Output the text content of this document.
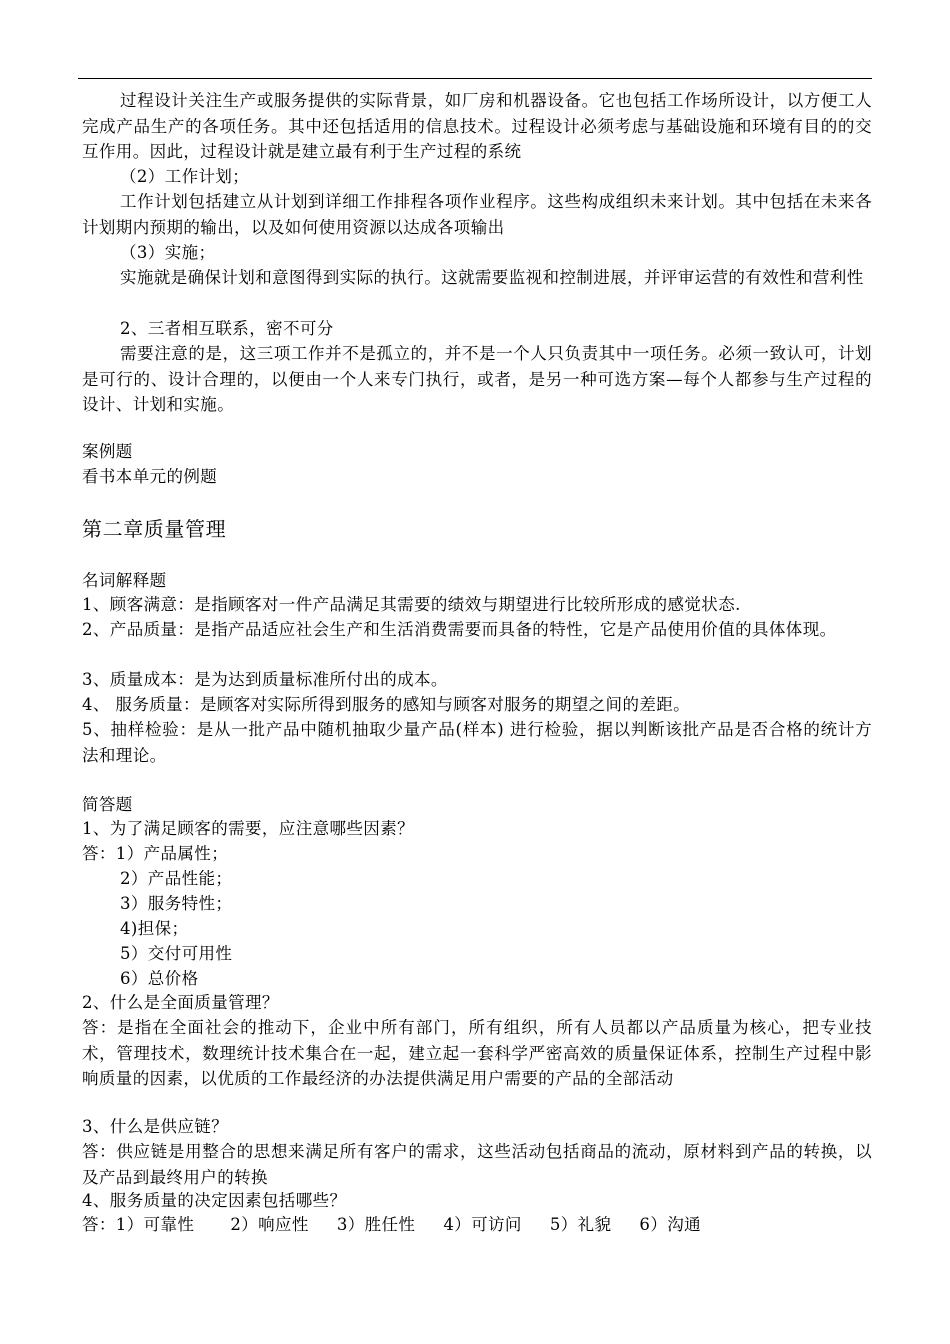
过程设计关注生产或服务提供的实际背景，如厂房和机器设备。它也包括工作场所设计，以方便工人完成产品生产的各项任务。其中还包括适用的信息技术。过程设计必须考虑与基础设施和环境有目的的交互作用。因此，过程设计就是建立最有利于生产过程的系统
（2）工作计划；
工作计划包括建立从计划到详细工作排程各项作业程序。这些构成组织未来计划。其中包括在未来各计划期内预期的输出，以及如何使用资源以达成各项输出
（3）实施；
实施就是确保计划和意图得到实际的执行。这就需要监视和控制进展，并评审运营的有效性和营利性
2、三者相互联系，密不可分
需要注意的是，这三项工作并不是孤立的，并不是一个人只负责其中一项任务。必须一致认可，计划是可行的、设计合理的，以便由一个人来专门执行，或者，是另一种可选方案—每个人都参与生产过程的设计、计划和实施。
案例题
看书本单元的例题
第二章质量管理
名词解释题
1、顾客满意：是指顾客对一件产品满足其需要的绩效与期望进行比较所形成的感觉状态.
2、产品质量：是指产品适应社会生产和生活消费需要而具备的特性，它是产品使用价值的具体体现。
3、质量成本：是为达到质量标准所付出的成本。
4、 服务质量：是顾客对实际所得到服务的感知与顾客对服务的期望之间的差距。
5、抽样检验：是从一批产品中随机抽取少量产品(样本) 进行检验，据以判断该批产品是否合格的统计方法和理论。
简答题
1、为了满足顾客的需要，应注意哪些因素？
答：1）产品属性；
2）产品性能；
3）服务特性；
4)担保；
5）交付可用性
6）总价格
2、什么是全面质量管理？
答：是指在全面社会的推动下，企业中所有部门，所有组织，所有人员都以产品质量为核心，把专业技术，管理技术，数理统计技术集合在一起，建立起一套科学严密高效的质量保证体系，控制生产过程中影响质量的因素，以优质的工作最经济的办法提供满足用户需要的产品的全部活动
3、什么是供应链？
答：供应链是用整合的思想来满足所有客户的需求，这些活动包括商品的流动，原材料到产品的转换，以及产品到最终用户的转换
4、服务质量的决定因素包括哪些？
答：1）可靠性 2）响应性 3）胜任性 4）可访问 5）礼貌 6）沟通
